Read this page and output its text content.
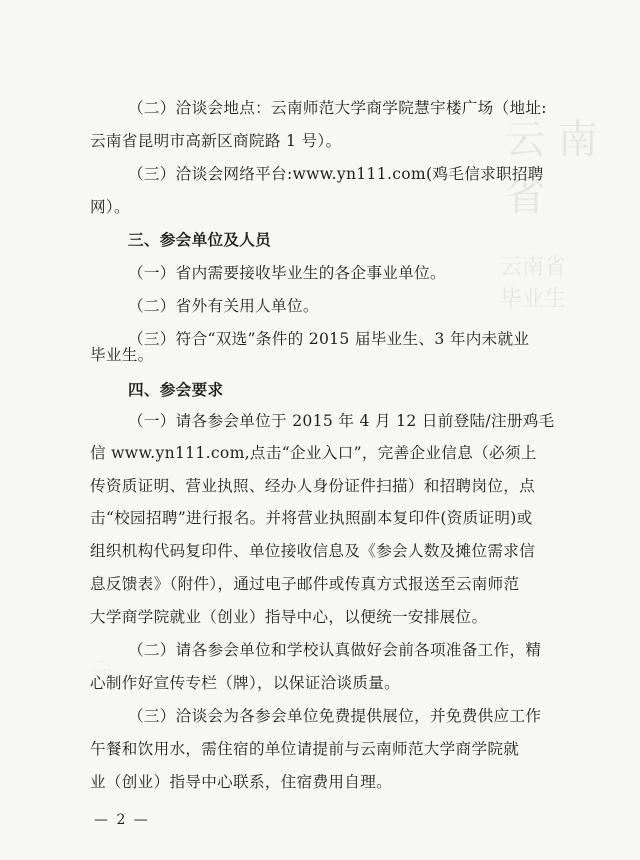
云 南 省
云南省
毕业生
二、
（二）洽谈会地点：云南师范大学商学院慧宇楼广场（地址:
云南省昆明市高新区商院路 1 号）。
（三）洽谈会网络平台:www.yn111.com(鸡毛信求职招聘
网）。
三、参会单位及人员
（一）省内需要接收毕业生的各企事业单位。
（二）省外有关用人单位。
（三）符合“双选”条件的 2015 届毕业生、3 年内未就业
毕业生。
四、参会要求
（一）请各参会单位于 2015 年 4 月 12 日前登陆/注册鸡毛
信 www.yn111.com,点击“企业入口”，完善企业信息（必须上
传资质证明、营业执照、经办人身份证件扫描）和招聘岗位，点
击“校园招聘”进行报名。并将营业执照副本复印件(资质证明)或
组织机构代码复印件、单位接收信息及《参会人数及摊位需求信
息反馈表》（附件），通过电子邮件或传真方式报送至云南师范
大学商学院就业（创业）指导中心，以便统一安排展位。
（二）请各参会单位和学校认真做好会前各项准备工作，精
心制作好宣传专栏（牌），以保证洽谈质量。
（三）洽谈会为各参会单位免费提供展位，并免费供应工作
午餐和饮用水，需住宿的单位请提前与云南师范大学商学院就
业（创业）指导中心联系，住宿费用自理。
— 2 —
